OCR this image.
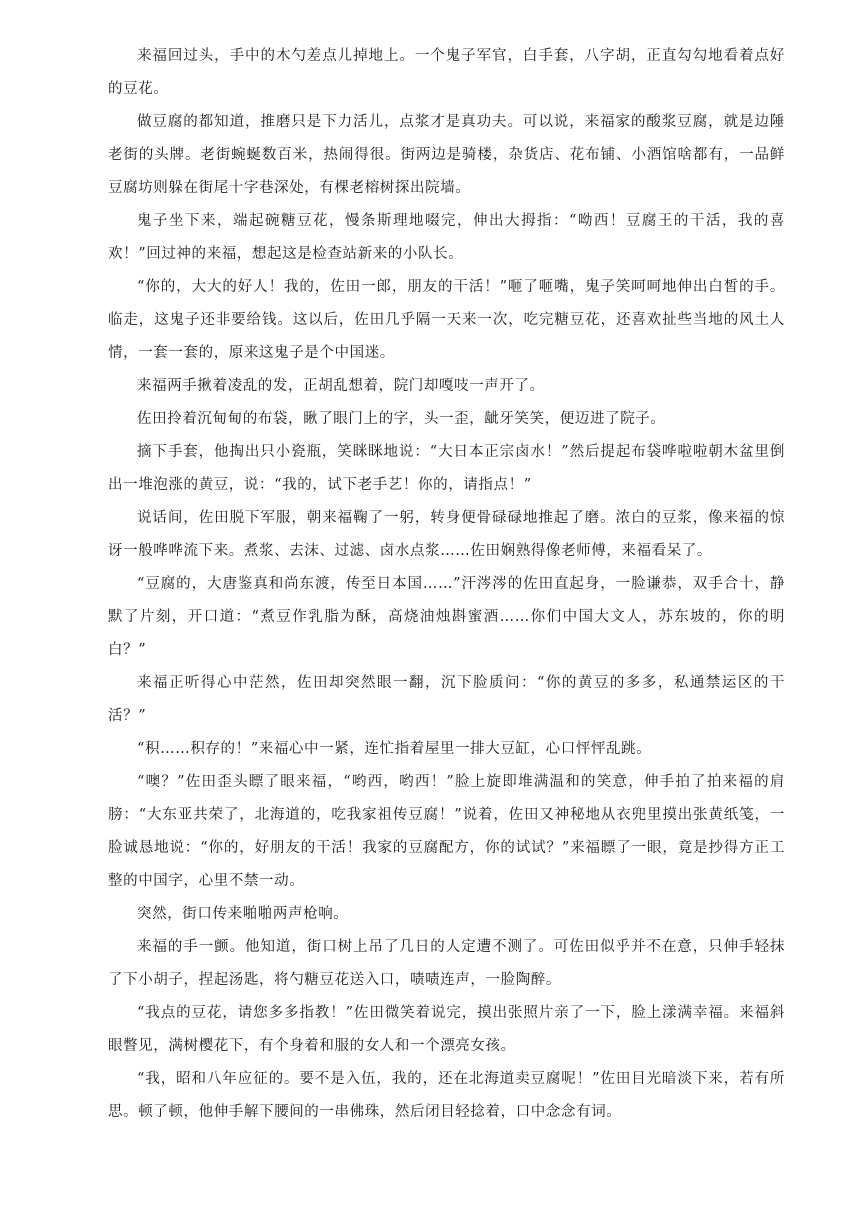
来福回过头，手中的木勺差点儿掉地上。一个鬼子军官，白手套，八字胡，正直勾勾地看着点好的豆花。

做豆腐的都知道，推磨只是下力活儿，点浆才是真功夫。可以说，来福家的酸浆豆腐，就是边陲老街的头牌。老街蜿蜒数百米，热闹得很。街两边是骑楼，杂货店、花布铺、小酒馆啥都有，一品鲜豆腐坊则躲在街尾十字巷深处，有棵老榕树探出院墙。

鬼子坐下来，端起碗糖豆花，慢条斯理地啜完，伸出大拇指：“呦西！豆腐王的干活，我的喜欢！”回过神的来福，想起这是检查站新来的小队长。

“你的，大大的好人！我的，佐田一郎，朋友的干活！”咂了咂嘴，鬼子笑呵呵地伸出白皙的手。临走，这鬼子还非要给钱。这以后，佐田几乎隔一天来一次，吃完糖豆花，还喜欢扯些当地的风土人情，一套一套的，原来这鬼子是个中国迷。

来福两手揪着凌乱的发，正胡乱想着，院门却嘎吱一声开了。

佐田拎着沉甸甸的布袋，瞅了眼门上的字，头一歪，龇牙笑笑，便迈进了院子。

摘下手套，他掏出只小瓷瓶，笑眯眯地说：“大日本正宗卤水！”然后提起布袋哗啦啦朝木盆里倒出一堆泡涨的黄豆，说：“我的，试下老手艺！你的，请指点！”

说话间，佐田脱下军服，朝来福鞠了一躬，转身便骨碌碌地推起了磨。浓白的豆浆，像来福的惊讶一般哗哗流下来。煮浆、去沫、过滤、卤水点浆……佐田娴熟得像老师傅，来福看呆了。

“豆腐的，大唐鉴真和尚东渡，传至日本国……”汗涔涔的佐田直起身，一脸谦恭，双手合十，静默了片刻，开口道：“煮豆作乳脂为酥，高烧油烛斟蜜酒……你们中国大文人，苏东坡的，你的明白？”

来福正听得心中茫然，佐田却突然眼一翻，沉下脸质问：“你的黄豆的多多，私通禁运区的干活？”

“积……积存的！”来福心中一紧，连忙指着屋里一排大豆缸，心口怦怦乱跳。

“噢？”佐田歪头瞟了眼来福，“哟西，哟西！”脸上旋即堆满温和的笑意，伸手拍了拍来福的肩膀：“大东亚共荣了，北海道的，吃我家祖传豆腐！”说着，佐田又神秘地从衣兜里摸出张黄纸笺，一脸诚恳地说：“你的，好朋友的干活！我家的豆腐配方，你的试试？”来福瞟了一眼，竟是抄得方正工整的中国字，心里不禁一动。

突然，街口传来啪啪两声枪响。

来福的手一颤。他知道，街口树上吊了几日的人定遭不测了。可佐田似乎并不在意，只伸手轻抹了下小胡子，捏起汤匙，将勺糖豆花送入口，啧啧连声，一脸陶醉。

“我点的豆花，请您多多指教！”佐田微笑着说完，摸出张照片亲了一下，脸上漾满幸福。来福斜眼瞥见，满树樱花下，有个身着和服的女人和一个漂亮女孩。

“我，昭和八年应征的。要不是入伍，我的，还在北海道卖豆腐呢！”佐田目光暗淡下来，若有所思。顿了顿，他伸手解下腰间的一串佛珠，然后闭目轻捻着，口中念念有词。
